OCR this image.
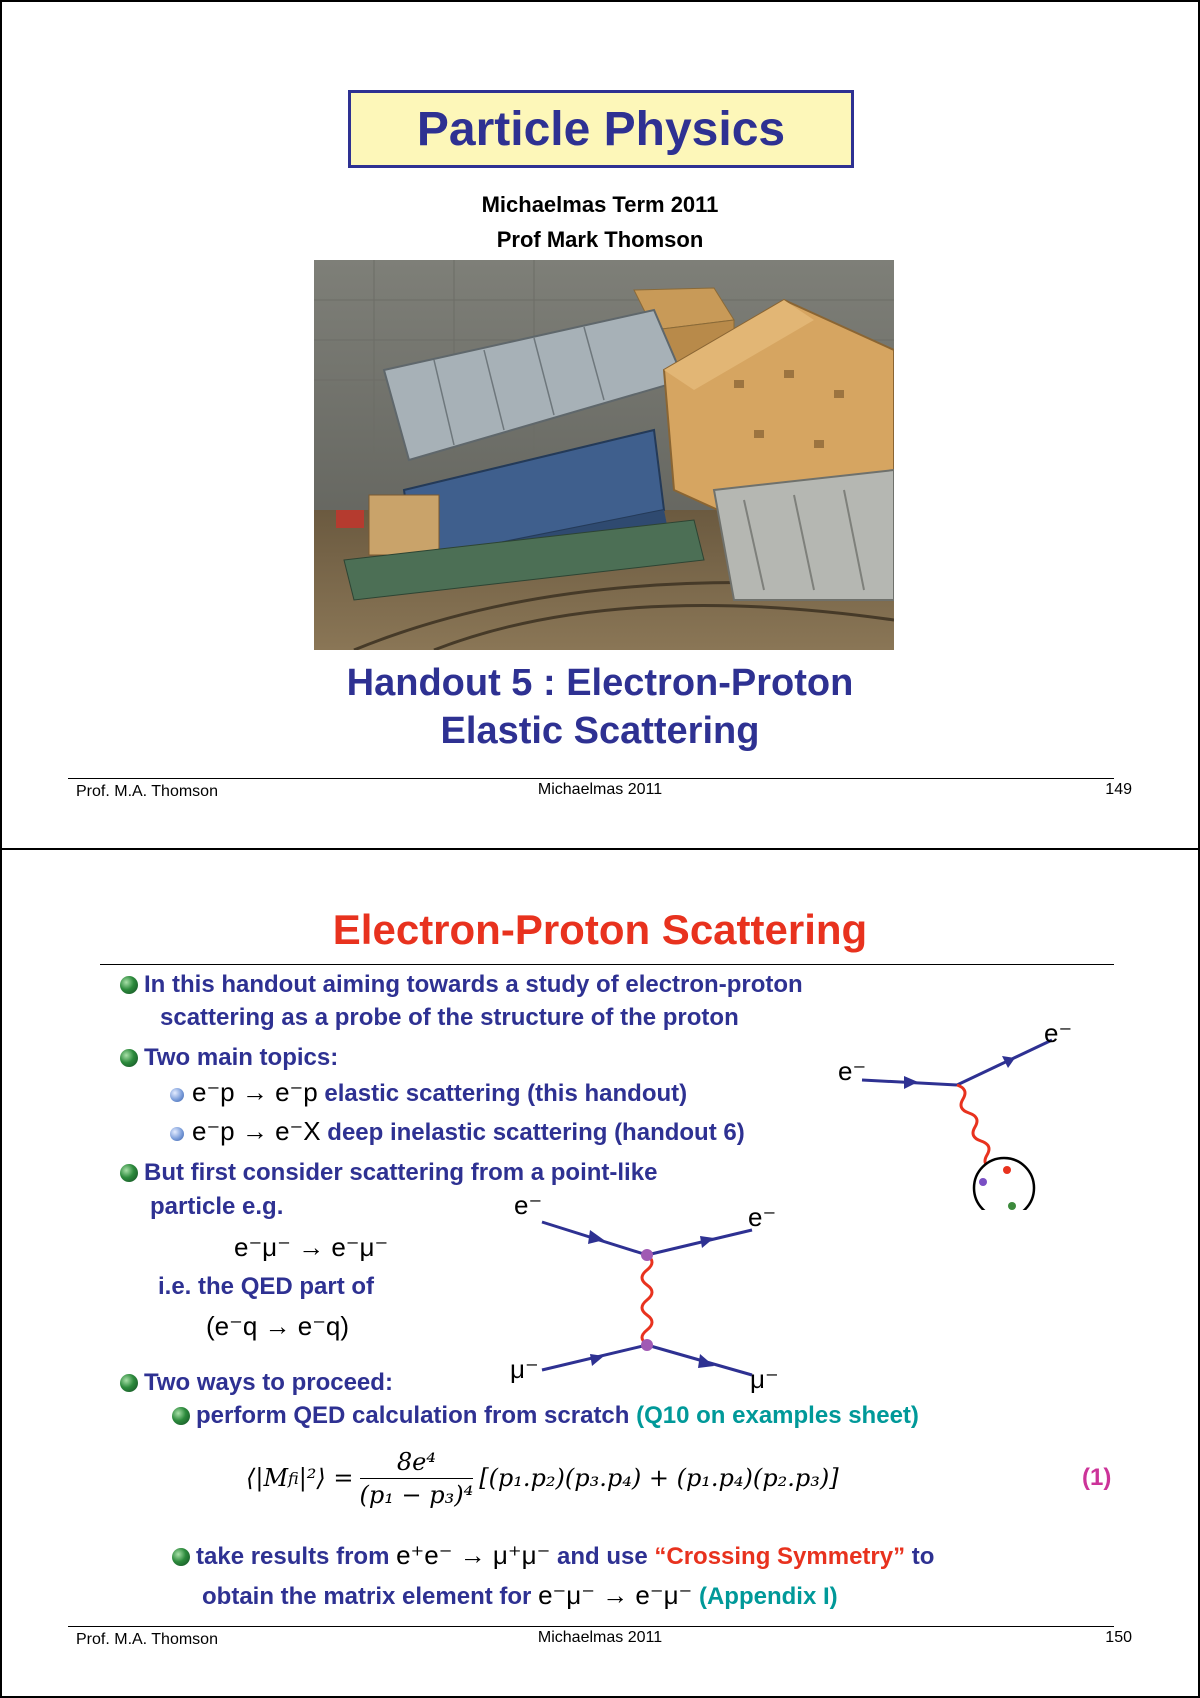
Particle Physics
Michaelmas Term 2011
Prof Mark Thomson
Handout 5 : Electron-Proton
Elastic Scattering
Prof. M.A. Thomson	Michaelmas 2011	149
Electron-Proton Scattering
In this handout aiming towards a study of electron-proton
scattering as a probe of the structure of the proton
Two main topics:
e⁻p → e⁻p elastic scattering (this handout)
e⁻p → e⁻X deep inelastic scattering (handout 6)
But first consider scattering from a point-like
particle e.g.
e⁻μ⁻ → e⁻μ⁻
i.e. the QED part of
(e⁻q → e⁻q)
e⁻
e⁻
e⁻	e⁻
μ⁻	μ⁻
Two ways to proceed:
perform QED calculation from scratch (Q10 on examples sheet)
⟨|M fi |²⟩ = $\frac{\text{8e⁴}}{\text{(p₁ − p₃)⁴}} [(p_1.p_2)(p_3.p_4) + (p_1.p_4)(p_2.p_3)]$	(1)
take results from e⁺e⁻ → μ⁺μ⁻ and use “Crossing Symmetry” to
obtain the matrix element for e⁻μ⁻ → e⁻μ⁻ (Appendix I)
Prof. M.A. Thomson	Michaelmas 2011	150
